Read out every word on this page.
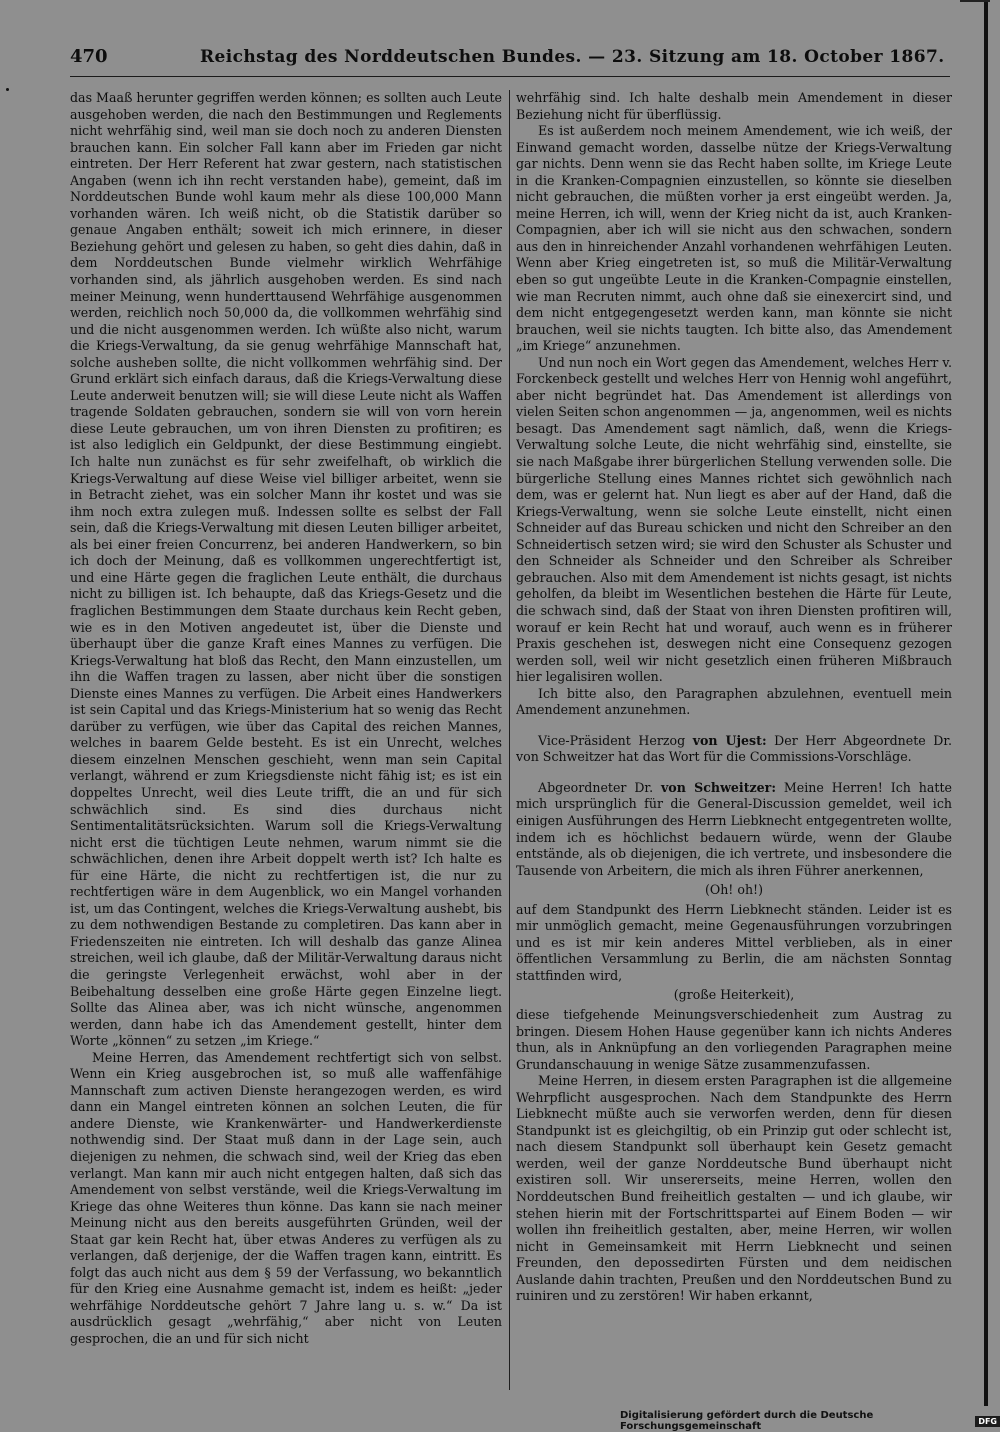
470	Reichstag des Norddeutschen Bundes. — 23. Sitzung am 18. October 1867.

das Maaß herunter gegriffen werden können; es sollten auch Leute ausgehoben werden, die nach den Bestimmungen und Reglements nicht wehrfähig sind, weil man sie doch noch zu anderen Diensten brauchen kann. Ein solcher Fall kann aber im Frieden gar nicht eintreten. Der Herr Referent hat zwar gestern, nach statistischen Angaben (wenn ich ihn recht verstanden habe), gemeint, daß im Norddeutschen Bunde wohl kaum mehr als diese 100,000 Mann vorhanden wären. Ich weiß nicht, ob die Statistik darüber so genaue Angaben enthält; soweit ich mich erinnere, in dieser Beziehung gehört und gelesen zu haben, so geht dies dahin, daß in dem Norddeutschen Bunde vielmehr wirklich Wehrfähige vorhanden sind, als jährlich ausgehoben werden. Es sind nach meiner Meinung, wenn hunderttausend Wehrfähige ausgenommen werden, reichlich noch 50,000 da, die vollkommen wehrfähig sind und die nicht ausgenommen werden. Ich wüßte also nicht, warum die Kriegs-Verwaltung, da sie genug wehrfähige Mannschaft hat, solche ausheben sollte, die nicht vollkommen wehrfähig sind. Der Grund erklärt sich einfach daraus, daß die Kriegs-Verwaltung diese Leute anderweit benutzen will; sie will diese Leute nicht als Waffen tragende Soldaten gebrauchen, sondern sie will von vorn herein diese Leute gebrauchen, um von ihren Diensten zu profitiren; es ist also lediglich ein Geldpunkt, der diese Bestimmung eingiebt. Ich halte nun zunächst es für sehr zweifelhaft, ob wirklich die Kriegs-Verwaltung auf diese Weise viel billiger arbeitet, wenn sie in Betracht ziehet, was ein solcher Mann ihr kostet und was sie ihm noch extra zulegen muß. Indessen sollte es selbst der Fall sein, daß die Kriegs-Verwaltung mit diesen Leuten billiger arbeitet, als bei einer freien Concurrenz, bei anderen Handwerkern, so bin ich doch der Meinung, daß es vollkommen ungerechtfertigt ist, und eine Härte gegen die fraglichen Leute enthält, die durchaus nicht zu billigen ist. Ich behaupte, daß das Kriegs-Gesetz und die fraglichen Bestimmungen dem Staate durchaus kein Recht geben, wie es in den Motiven angedeutet ist, über die Dienste und überhaupt über die ganze Kraft eines Mannes zu verfügen. Die Kriegs-Verwaltung hat bloß das Recht, den Mann einzustellen, um ihn die Waffen tragen zu lassen, aber nicht über die sonstigen Dienste eines Mannes zu verfügen. Die Arbeit eines Handwerkers ist sein Capital und das Kriegs-Ministerium hat so wenig das Recht darüber zu verfügen, wie über das Capital des reichen Mannes, welches in baarem Gelde besteht. Es ist ein Unrecht, welches diesem einzelnen Menschen geschieht, wenn man sein Capital verlangt, während er zum Kriegsdienste nicht fähig ist; es ist ein doppeltes Unrecht, weil dies Leute trifft, die an und für sich schwächlich sind. Es sind dies durchaus nicht Sentimentalitätsrücksichten. Warum soll die Kriegs-Verwaltung nicht erst die tüchtigen Leute nehmen, warum nimmt sie die schwächlichen, denen ihre Arbeit doppelt werth ist? Ich halte es für eine Härte, die nicht zu rechtfertigen ist, die nur zu rechtfertigen wäre in dem Augenblick, wo ein Mangel vorhanden ist, um das Contingent, welches die Kriegs-Verwaltung aushebt, bis zu dem nothwendigen Bestande zu completiren. Das kann aber in Friedenszeiten nie eintreten. Ich will deshalb das ganze Alinea streichen, weil ich glaube, daß der Militär-Verwaltung daraus nicht die geringste Verlegenheit erwächst, wohl aber in der Beibehaltung desselben eine große Härte gegen Einzelne liegt. Sollte das Alinea aber, was ich nicht wünsche, angenommen werden, dann habe ich das Amendement gestellt, hinter dem Worte „können“ zu setzen „im Kriege.“

Meine Herren, das Amendement rechtfertigt sich von selbst. Wenn ein Krieg ausgebrochen ist, so muß alle waffenfähige Mannschaft zum activen Dienste herangezogen werden, es wird dann ein Mangel eintreten können an solchen Leuten, die für andere Dienste, wie Krankenwärter- und Handwerkerdienste nothwendig sind. Der Staat muß dann in der Lage sein, auch diejenigen zu nehmen, die schwach sind, weil der Krieg das eben verlangt. Man kann mir auch nicht entgegen halten, daß sich das Amendement von selbst verstände, weil die Kriegs-Verwaltung im Kriege das ohne Weiteres thun könne. Das kann sie nach meiner Meinung nicht aus den bereits ausgeführten Gründen, weil der Staat gar kein Recht hat, über etwas Anderes zu verfügen als zu verlangen, daß derjenige, der die Waffen tragen kann, eintritt. Es folgt das auch nicht aus dem § 59 der Verfassung, wo bekanntlich für den Krieg eine Ausnahme gemacht ist, indem es heißt: „jeder wehrfähige Norddeutsche gehört 7 Jahre lang u. s. w.“ Da ist ausdrücklich gesagt „wehrfähig,“ aber nicht von Leuten gesprochen, die an und für sich nicht

wehrfähig sind. Ich halte deshalb mein Amendement in dieser Beziehung nicht für überflüssig.

Es ist außerdem noch meinem Amendement, wie ich weiß, der Einwand gemacht worden, dasselbe nütze der Kriegs-Verwaltung gar nichts. Denn wenn sie das Recht haben sollte, im Kriege Leute in die Kranken-Compagnien einzustellen, so könnte sie dieselben nicht gebrauchen, die müßten vorher ja erst eingeübt werden. Ja, meine Herren, ich will, wenn der Krieg nicht da ist, auch Kranken-Compagnien, aber ich will sie nicht aus den schwachen, sondern aus den in hinreichender Anzahl vorhandenen wehrfähigen Leuten. Wenn aber Krieg eingetreten ist, so muß die Militär-Verwaltung eben so gut ungeübte Leute in die Kranken-Compagnie einstellen, wie man Recruten nimmt, auch ohne daß sie einexercirt sind, und dem nicht entgegengesetzt werden kann, man könnte sie nicht brauchen, weil sie nichts taugten. Ich bitte also, das Amendement „im Kriege“ anzunehmen.

Und nun noch ein Wort gegen das Amendement, welches Herr v. Forckenbeck gestellt und welches Herr von Hennig wohl angeführt, aber nicht begründet hat. Das Amendement ist allerdings von vielen Seiten schon angenommen — ja, angenommen, weil es nichts besagt. Das Amendement sagt nämlich, daß, wenn die Kriegs-Verwaltung solche Leute, die nicht wehrfähig sind, einstellte, sie sie nach Maßgabe ihrer bürgerlichen Stellung verwenden solle. Die bürgerliche Stellung eines Mannes richtet sich gewöhnlich nach dem, was er gelernt hat. Nun liegt es aber auf der Hand, daß die Kriegs-Verwaltung, wenn sie solche Leute einstellt, nicht einen Schneider auf das Bureau schicken und nicht den Schreiber an den Schneidertisch setzen wird; sie wird den Schuster als Schuster und den Schneider als Schneider und den Schreiber als Schreiber gebrauchen. Also mit dem Amendement ist nichts gesagt, ist nichts geholfen, da bleibt im Wesentlichen bestehen die Härte für Leute, die schwach sind, daß der Staat von ihren Diensten profitiren will, worauf er kein Recht hat und worauf, auch wenn es in früherer Praxis geschehen ist, deswegen nicht eine Consequenz gezogen werden soll, weil wir nicht gesetzlich einen früheren Mißbrauch hier legalisiren wollen.

Ich bitte also, den Paragraphen abzulehnen, eventuell mein Amendement anzunehmen.

Vice-Präsident Herzog von Ujest: Der Herr Abgeordnete Dr. von Schweitzer hat das Wort für die Commissions-Vorschläge.

Abgeordneter Dr. von Schweitzer: Meine Herren! Ich hatte mich ursprünglich für die General-Discussion gemeldet, weil ich einigen Ausführungen des Herrn Liebknecht entgegentreten wollte, indem ich es höchlichst bedauern würde, wenn der Glaube entstände, als ob diejenigen, die ich vertrete, und insbesondere die Tausende von Arbeitern, die mich als ihren Führer anerkennen,

(Oh! oh!)

auf dem Standpunkt des Herrn Liebknecht ständen. Leider ist es mir unmöglich gemacht, meine Gegenausführungen vorzubringen und es ist mir kein anderes Mittel verblieben, als in einer öffentlichen Versammlung zu Berlin, die am nächsten Sonntag stattfinden wird,

(große Heiterkeit),

diese tiefgehende Meinungsverschiedenheit zum Austrag zu bringen. Diesem Hohen Hause gegenüber kann ich nichts Anderes thun, als in Anknüpfung an den vorliegenden Paragraphen meine Grundanschauung in wenige Sätze zusammenzufassen.

Meine Herren, in diesem ersten Paragraphen ist die allgemeine Wehrpflicht ausgesprochen. Nach dem Standpunkte des Herrn Liebknecht müßte auch sie verworfen werden, denn für diesen Standpunkt ist es gleichgiltig, ob ein Prinzip gut oder schlecht ist, nach diesem Standpunkt soll überhaupt kein Gesetz gemacht werden, weil der ganze Norddeutsche Bund überhaupt nicht existiren soll. Wir unsererseits, meine Herren, wollen den Norddeutschen Bund freiheitlich gestalten — und ich glaube, wir stehen hierin mit der Fortschrittspartei auf Einem Boden — wir wollen ihn freiheitlich gestalten, aber, meine Herren, wir wollen nicht in Gemeinsamkeit mit Herrn Liebknecht und seinen Freunden, den depossedirten Fürsten und dem neidischen Auslande dahin trachten, Preußen und den Norddeutschen Bund zu ruiniren und zu zerstören! Wir haben erkannt,

Digitalisierung gefördert durch die Deutsche Forschungsgemeinschaft	DFG
